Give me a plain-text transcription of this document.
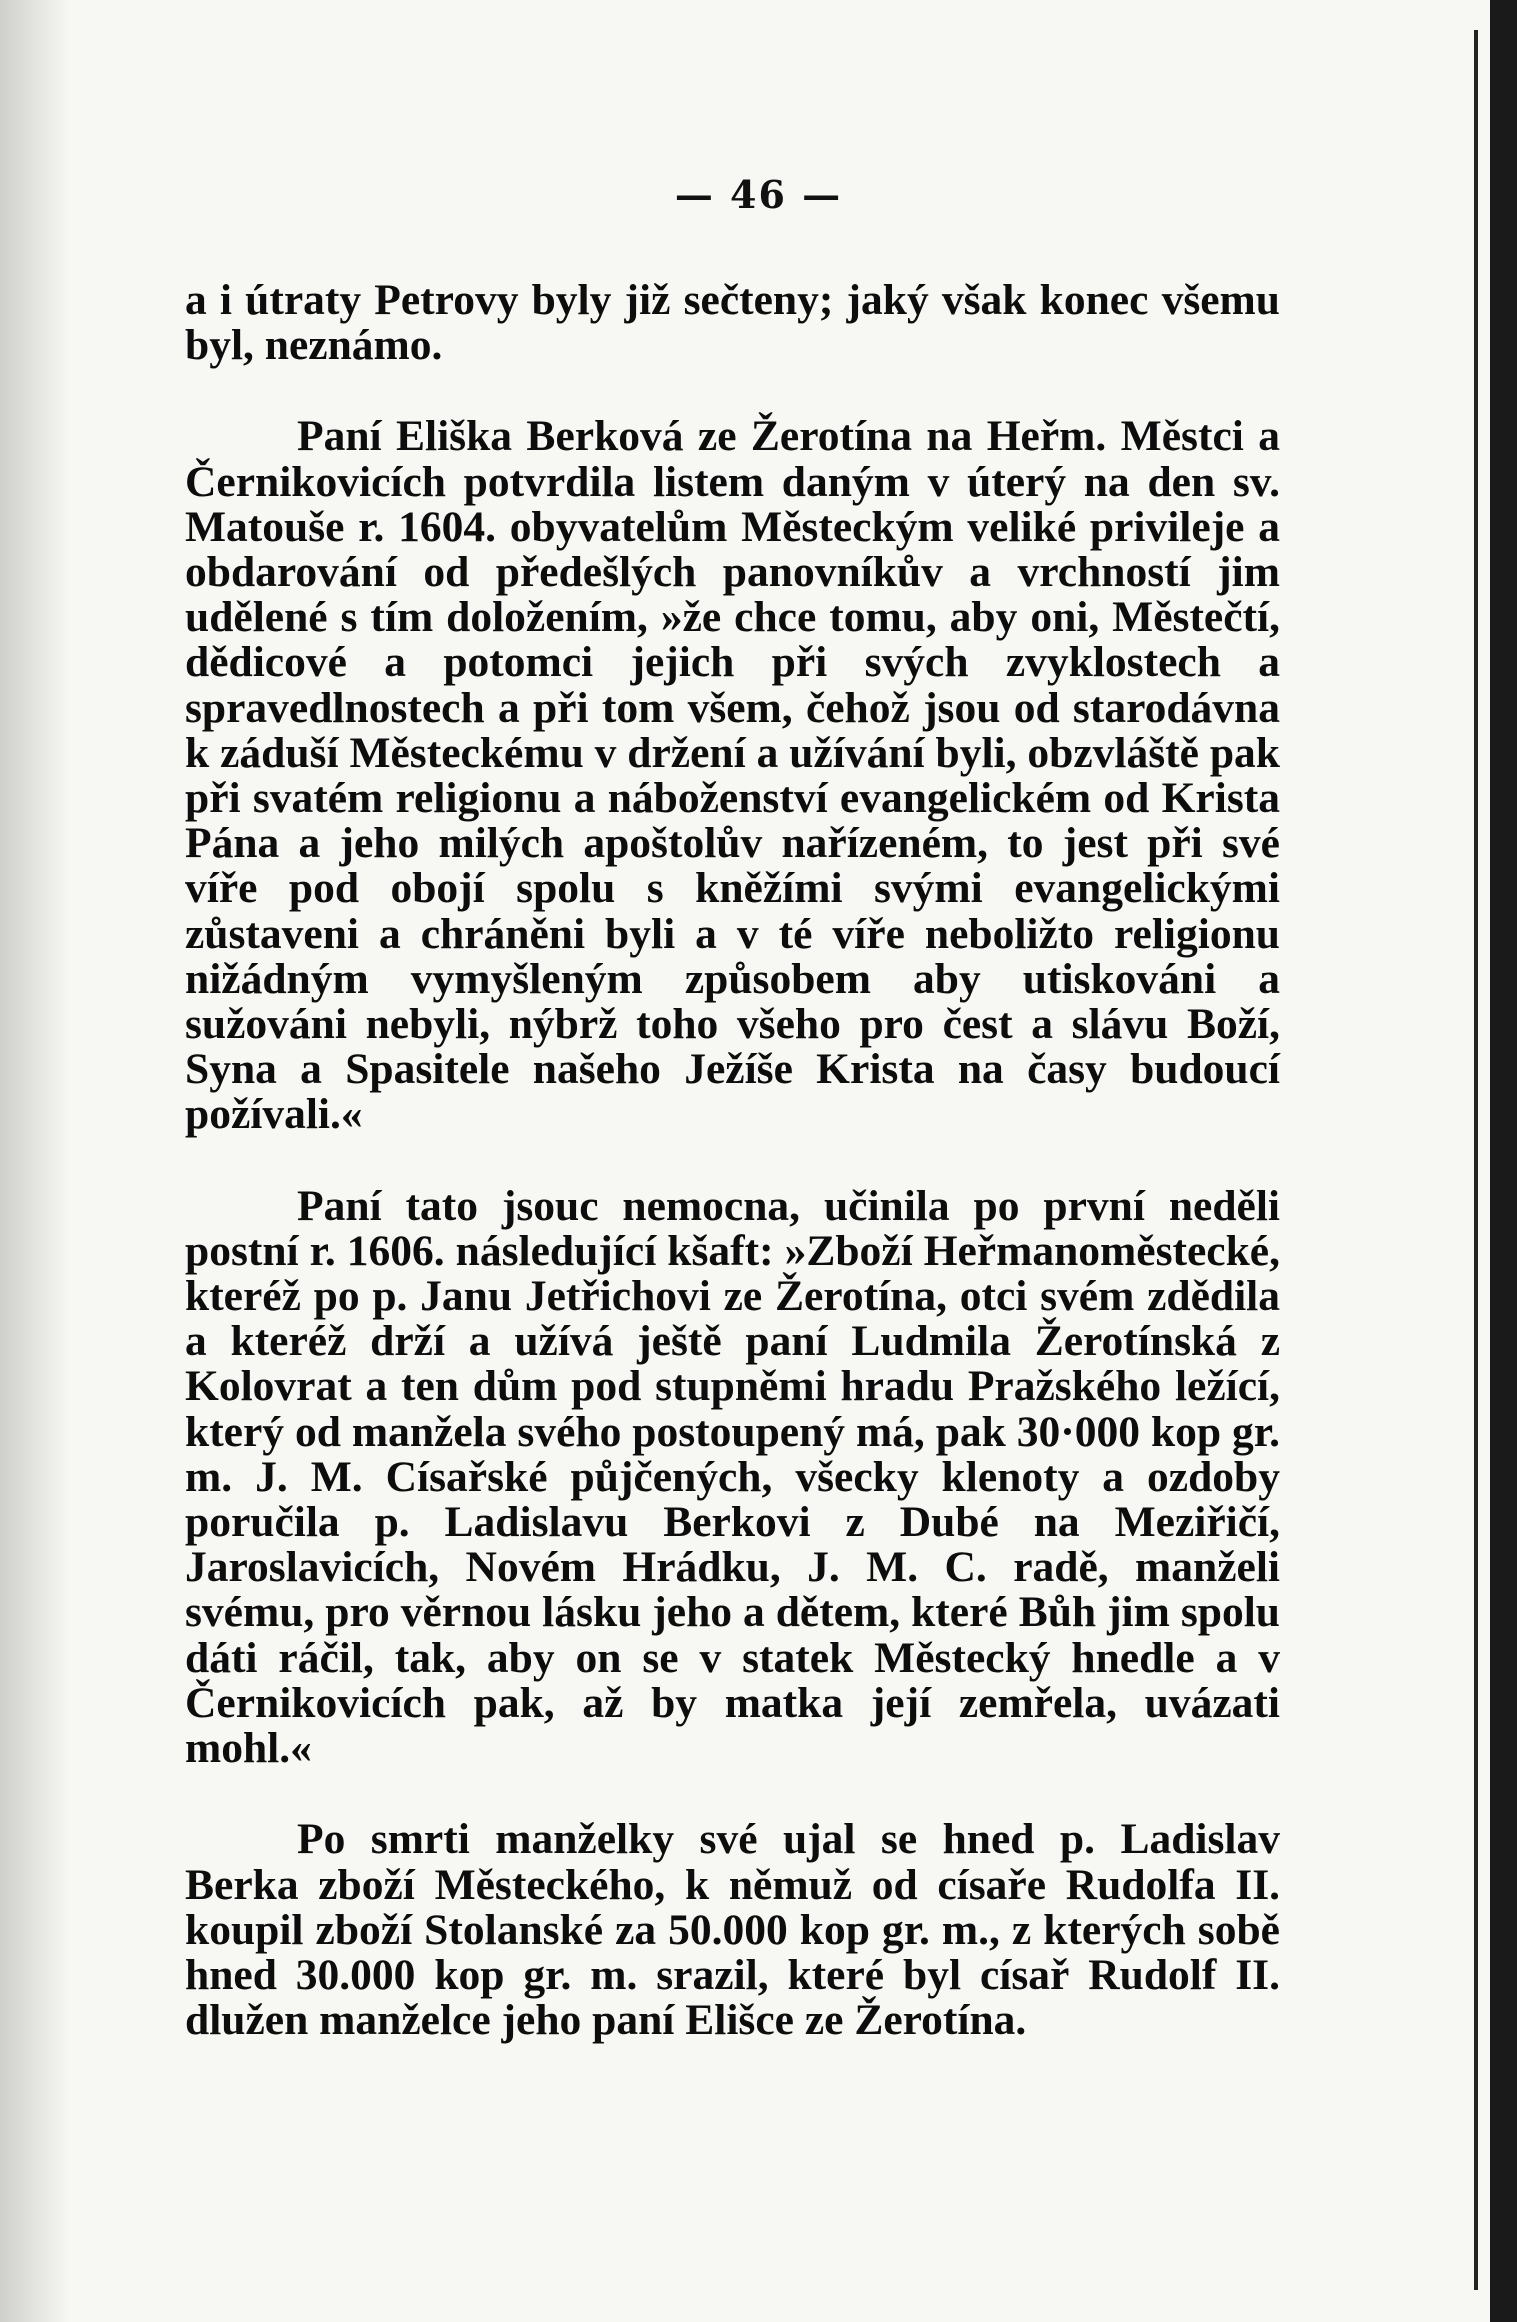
— 46 —

a i útraty Petrovy byly již sečteny; jaký však konec všemu byl, neznámo.

Paní Eliška Berková ze Žerotína na Heřm. Městci a Černikovicích potvrdila listem daným v úterý na den sv. Matouše r. 1604. obyvatelům Městeckým veliké privileje a obdarování od předešlých panovníkův a vrchností jim udělené s tím doložením, »že chce tomu, aby oni, Městečtí, dědicové a potomci jejich při svých zvyklostech a spravedlnostech a při tom všem, čehož jsou od starodávna k záduší Městeckému v držení a užívání byli, obzvláště pak při svatém religionu a náboženství evangelickém od Krista Pána a jeho milých apoštolův nařízeném, to jest při své víře pod obojí spolu s kněžími svými evangelickými zůstaveni a chráněni byli a v té víře neboližto religionu nižádným vymyšleným způsobem aby utiskováni a sužováni nebyli, nýbrž toho všeho pro čest a slávu Boží, Syna a Spasitele našeho Ježíše Krista na časy budoucí požívali.«

Paní tato jsouc nemocna, učinila po první neděli postní r. 1606. následující kšaft: »Zboží Heřmanoměstecké, kteréž po p. Janu Jetřichovi ze Žerotína, otci svém zdědila a kteréž drží a užívá ještě paní Ludmila Žerotínská z Kolovrat a ten dům pod stupněmi hradu Pražského ležící, který od manžela svého postoupený má, pak 30·000 kop gr. m. J. M. Císařské půjčených, všecky klenoty a ozdoby poručila p. Ladislavu Berkovi z Dubé na Meziřičí, Jaroslavicích, Novém Hrádku, J. M. C. radě, manželi svému, pro věrnou lásku jeho a dětem, které Bůh jim spolu dáti ráčil, tak, aby on se v statek Městecký hnedle a v Černikovicích pak, až by matka její zemřela, uvázati mohl.«

Po smrti manželky své ujal se hned p. Ladislav Berka zboží Městeckého, k němuž od císaře Rudolfa II. koupil zboží Stolanské za 50.000 kop gr. m., z kterých sobě hned 30.000 kop gr. m. srazil, které byl císař Rudolf II. dlužen manželce jeho paní Elišce ze Žerotína.
